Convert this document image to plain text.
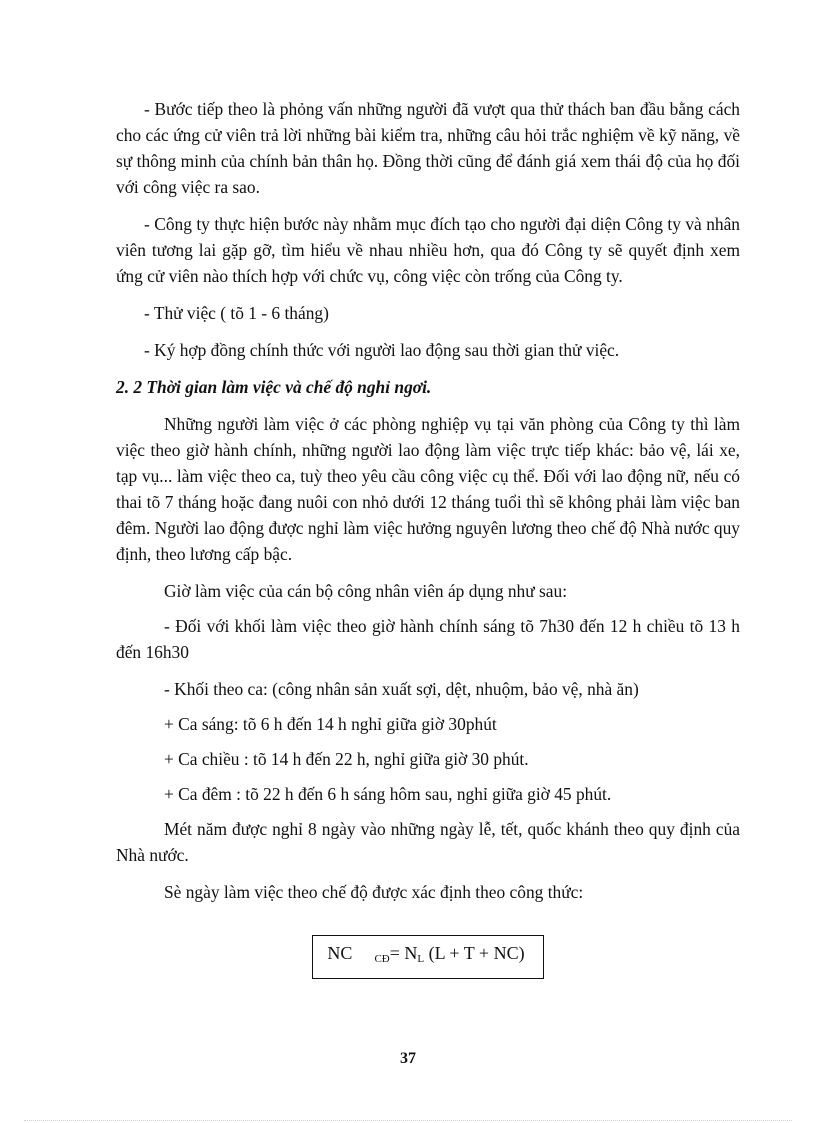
- Bước tiếp theo là phỏng vấn những người đã vượt qua thử thách ban đầu bằng cách cho các ứng cử viên trả lời những bài kiểm tra, những câu hỏi trắc nghiệm về kỹ năng, về sự thông minh của chính bản thân họ. Đồng thời cũng để đánh giá xem thái độ của họ đối với công việc ra sao.

- Công ty thực hiện bước này nhằm mục đích tạo cho người đại diện Công ty và nhân viên tương lai gặp gỡ, tìm hiểu về nhau nhiều hơn, qua đó Công ty sẽ quyết định xem ứng cử viên nào thích hợp với chức vụ, công việc còn trống của Công ty.

- Thử việc ( tõ 1 - 6 tháng)

- Ký hợp đồng chính thức với người lao động sau thời gian thử việc.

2. 2 Thời gian làm việc và chế độ nghỉ ngơi.

Những người làm việc ở các phòng nghiệp vụ tại văn phòng của Công ty thì làm việc theo giờ hành chính, những người lao động làm việc trực tiếp khác: bảo vệ, lái xe, tạp vụ... làm việc theo ca, tuỳ theo yêu cầu công việc cụ thể. Đối với lao động nữ, nếu có thai tõ 7 tháng hoặc đang nuôi con nhỏ dưới 12 tháng tuổi thì sẽ không phải làm việc ban đêm. Người lao động được nghỉ làm việc hưởng nguyên lương theo chế độ Nhà nước quy định, theo lương cấp bậc.

Giờ làm việc của cán bộ công nhân viên áp dụng như sau:

- Đối với khối làm việc theo giờ hành chính sáng tõ 7h30 đến 12 h chiều tõ 13 h đến 16h30

- Khối theo ca: (công nhân sản xuất sợi, dệt, nhuộm, bảo vệ, nhà ăn)

+ Ca sáng: tõ 6 h đến 14 h nghỉ giữa giờ 30phút

+ Ca chiều : tõ 14 h đến 22 h, nghỉ giữa giờ 30 phút.

+ Ca đêm : tõ 22 h đến 6 h sáng hôm sau, nghỉ giữa giờ 45 phút.

Mét năm được nghỉ 8 ngày vào những ngày lễ, tết, quốc khánh theo quy định của Nhà nước.

Sè ngày làm việc theo chế độ được xác định theo công thức:

NC $_{CĐ}= N_L$ (L + T + NC)
37
